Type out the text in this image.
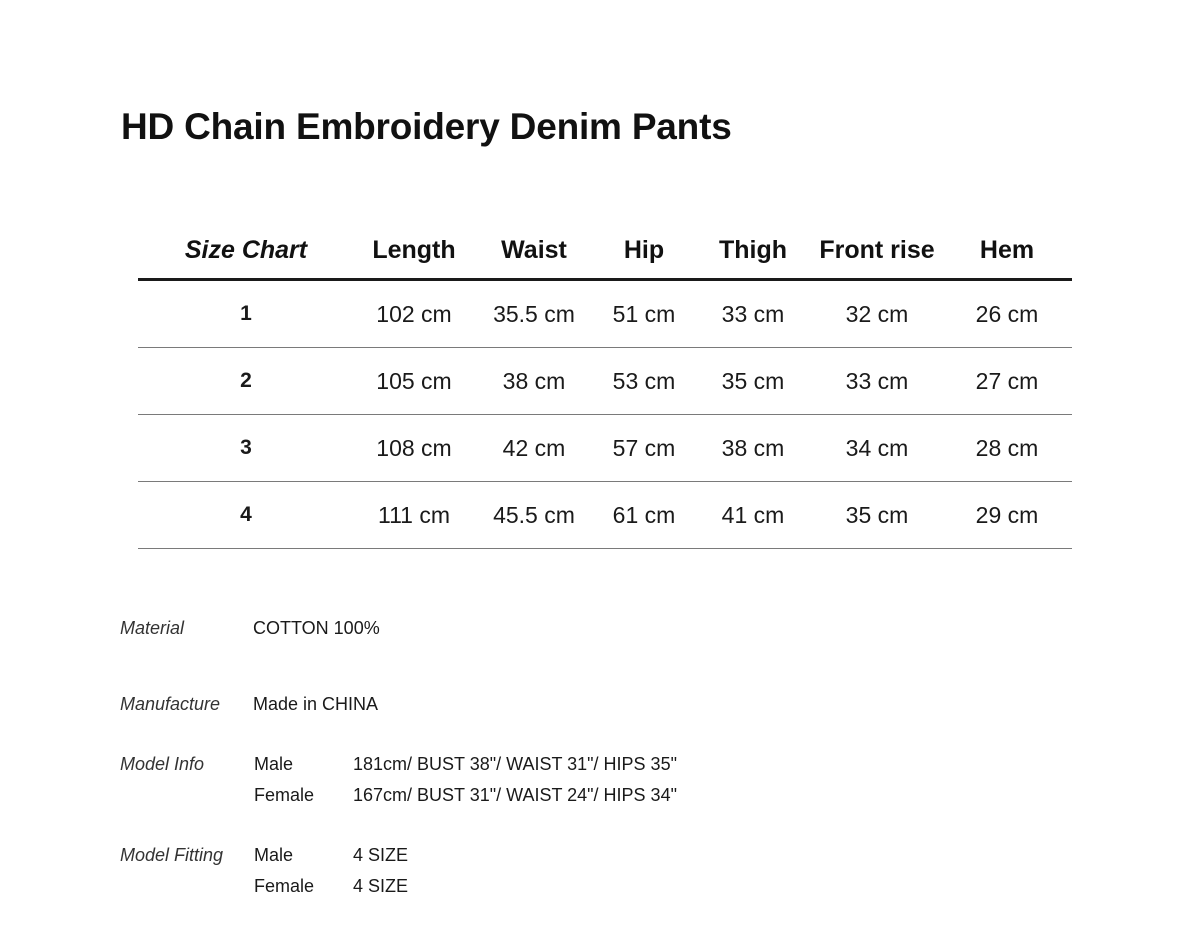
HD Chain Embroidery Denim Pants
Size Chart	Length	Waist	Hip	Thigh	Front rise	Hem
1	102 cm	35.5 cm	51 cm	33 cm	32 cm	26 cm
2	105 cm	38 cm	53 cm	35 cm	33 cm	27 cm
3	108 cm	42 cm	57 cm	38 cm	34 cm	28 cm
4	111 cm	45.5 cm	61 cm	41 cm	35 cm	29 cm
Material	COTTON 100%
Manufacture Made in CHINA
Model Info	Male	181cm/ BUST 38"/ WAIST 31"/ HIPS 35"
Female 167cm/ BUST 31"/ WAIST 24"/ HIPS 34"
Model Fitting Male	4 SIZE
Female 4 SIZE
